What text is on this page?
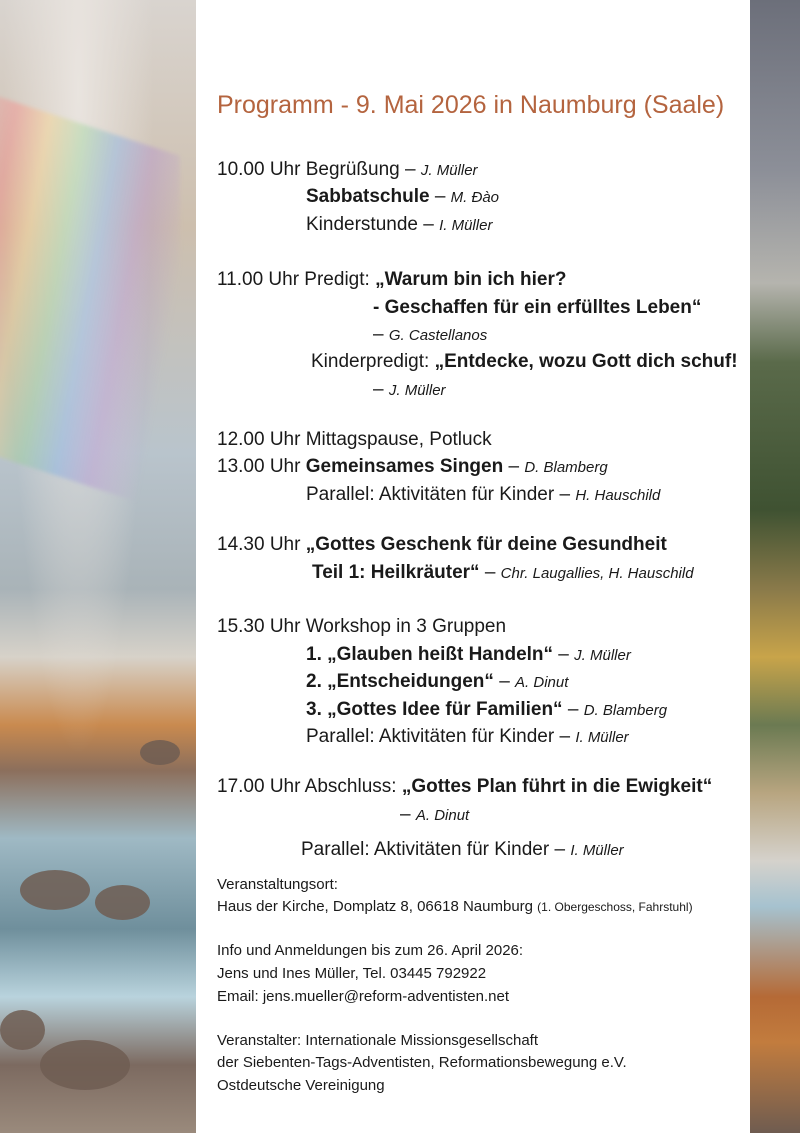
Programm - 9. Mai 2026 in Naumburg (Saale)
10.00 Uhr Begrüßung – J. Müller
Sabbatschule – M. Đào
Kinderstunde – I. Müller
11.00 Uhr Predigt: „Warum bin ich hier?
- Geschaffen für ein erfülltes Leben“
– G. Castellanos
Kinderpredigt: „Entdecke, wozu Gott dich schuf!
– J. Müller
12.00 Uhr Mittagspause, Potluck
13.00 Uhr Gemeinsames Singen – D. Blamberg
Parallel: Aktivitäten für Kinder – H. Hauschild
14.30 Uhr „Gottes Geschenk für deine Gesundheit
Teil 1: Heilkräuter“ – Chr. Laugallies, H. Hauschild
15.30 Uhr Workshop in 3 Gruppen
1. „Glauben heißt Handeln“ – J. Müller
2. „Entscheidungen“ – A. Dinut
3. „Gottes Idee für Familien“ – D. Blamberg
Parallel: Aktivitäten für Kinder – I. Müller
17.00 Uhr Abschluss: „Gottes Plan führt in die Ewigkeit“
– A. Dinut
Parallel: Aktivitäten für Kinder – I. Müller
Veranstaltungsort:
Haus der Kirche, Domplatz 8, 06618 Naumburg (1. Obergeschoss, Fahrstuhl)
Info und Anmeldungen bis zum 26. April 2026:
Jens und Ines Müller, Tel. 03445 792922
Email: jens.mueller@reform-adventisten.net
Veranstalter: Internationale Missionsgesellschaft
der Siebenten-Tags-Adventisten, Reformationsbewegung e.V.
Ostdeutsche Vereinigung
